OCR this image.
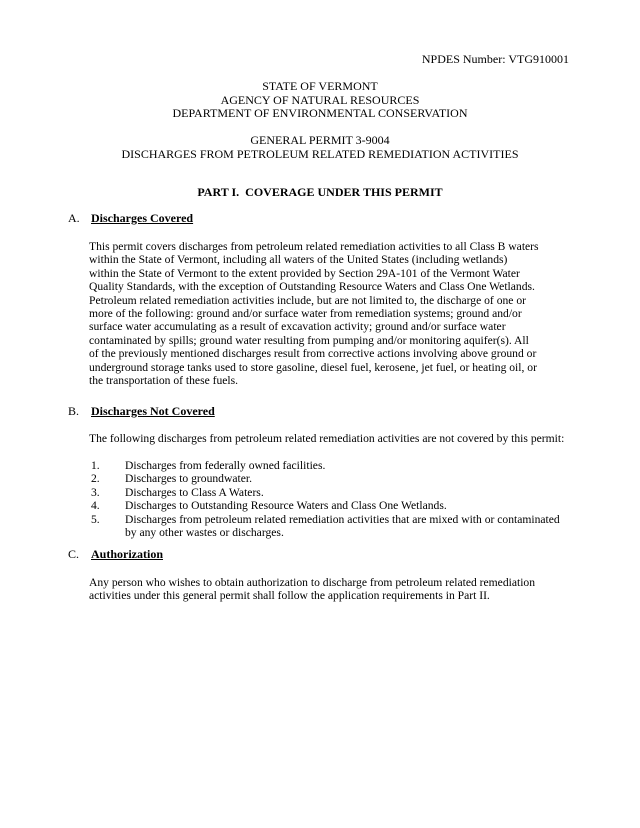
NPDES Number: VTG910001
STATE OF VERMONT
AGENCY OF NATURAL RESOURCES
DEPARTMENT OF ENVIRONMENTAL CONSERVATION
GENERAL PERMIT 3-9004
DISCHARGES FROM PETROLEUM RELATED REMEDIATION ACTIVITIES
PART I.  COVERAGE UNDER THIS PERMIT
A. Discharges Covered
This permit covers discharges from petroleum related remediation activities to all Class B waters
within the State of Vermont, including all waters of the United States (including wetlands)
within the State of Vermont to the extent provided by Section 29A-101 of the Vermont Water
Quality Standards, with the exception of Outstanding Resource Waters and Class One Wetlands.
Petroleum related remediation activities include, but are not limited to, the discharge of one or
more of the following: ground and/or surface water from remediation systems; ground and/or
surface water accumulating as a result of excavation activity; ground and/or surface water
contaminated by spills; ground water resulting from pumping and/or monitoring aquifer(s). All
of the previously mentioned discharges result from corrective actions involving above ground or
underground storage tanks used to store gasoline, diesel fuel, kerosene, jet fuel, or heating oil, or
the transportation of these fuels.
B. Discharges Not Covered
The following discharges from petroleum related remediation activities are not covered by this permit:
1. Discharges from federally owned facilities.
2. Discharges to groundwater.
3. Discharges to Class A Waters.
4. Discharges to Outstanding Resource Waters and Class One Wetlands.
5. Discharges from petroleum related remediation activities that are mixed with or contaminated
by any other wastes or discharges.
C. Authorization
Any person who wishes to obtain authorization to discharge from petroleum related remediation
activities under this general permit shall follow the application requirements in Part II.
